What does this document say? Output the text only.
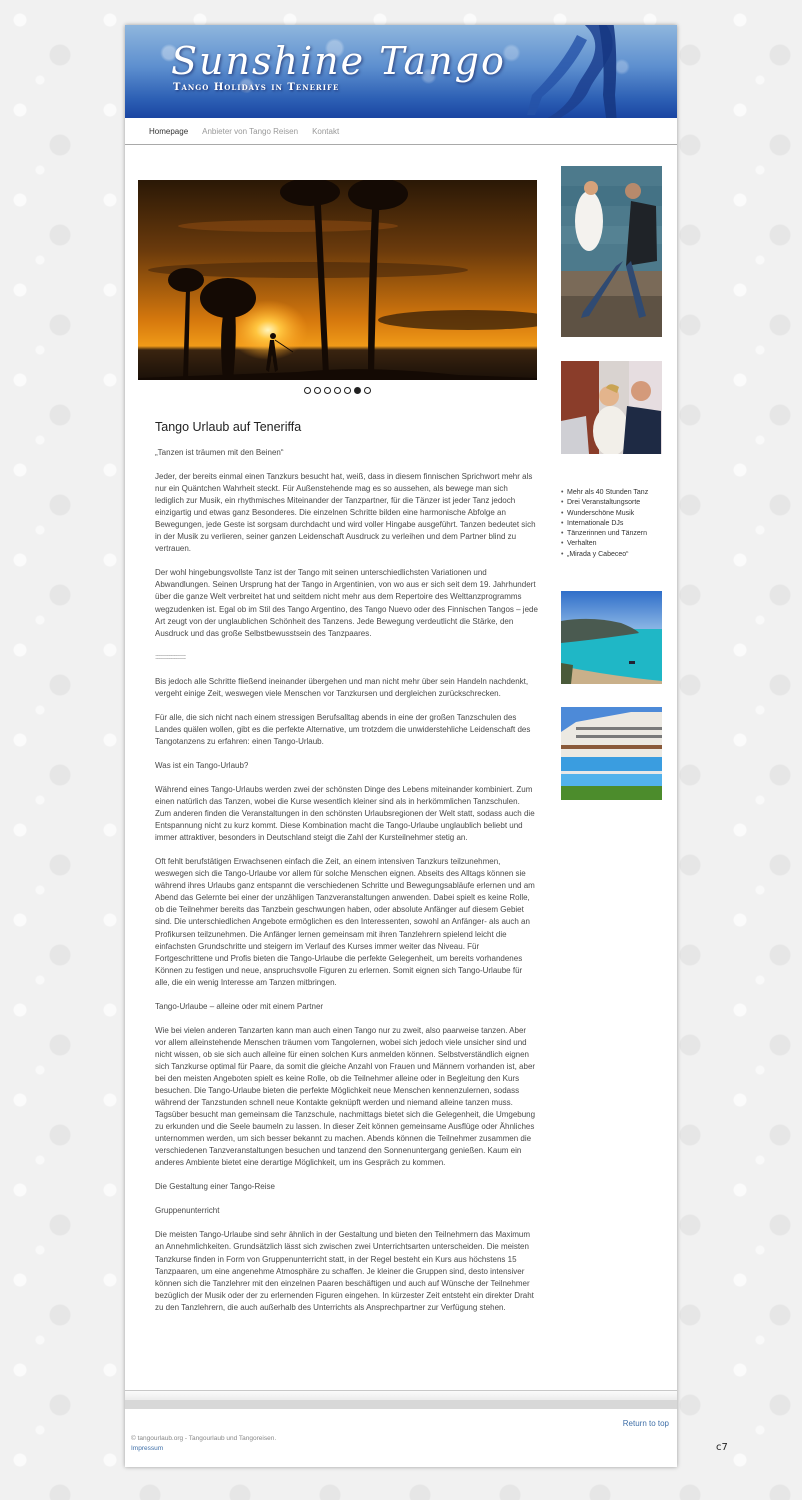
Sunshine Tango
Tango Holidays in Tenerife
Homepage Anbieter von Tango Reisen Kontakt
Tango Urlaub auf Teneriffa

„Tanzen ist träumen mit den Beinen“

Jeder, der bereits einmal einen Tanzkurs besucht hat, weiß, dass in diesem finnischen Sprichwort mehr als nur ein Quäntchen Wahrheit steckt. Für Außenstehende mag es so aussehen, als bewege man sich lediglich zur Musik, ein rhythmisches Miteinander der Tanzpartner, für die Tänzer ist jeder Tanz jedoch einzigartig und etwas ganz Besonderes. Die einzelnen Schritte bilden eine harmonische Abfolge an Bewegungen, jede Geste ist sorgsam durchdacht und wird voller Hingabe ausgeführt. Tanzen bedeutet sich in der Musik zu verlieren, seiner ganzen Leidenschaft Ausdruck zu verleihen und dem Partner blind zu vertrauen.

Der wohl hingebungsvollste Tanz ist der Tango mit seinen unterschiedlichsten Variationen und Abwandlungen. Seinen Ursprung hat der Tango in Argentinien, von wo aus er sich seit dem 19. Jahrhundert über die ganze Welt verbreitet hat und seitdem nicht mehr aus dem Repertoire des Welttanzprogramms wegzudenken ist. Egal ob im Stil des Tango Argentino, des Tango Nuevo oder des Finnischen Tangos – jede Art zeugt von der unglaublichen Schönheit des Tanzens. Jede Bewegung verdeutlicht die Stärke, den Ausdruck und das große Selbstbewusstsein des Tanzpaares.

::::::::::::::::::::::::::::::::

Bis jedoch alle Schritte fließend ineinander übergehen und man nicht mehr über sein Handeln nachdenkt, vergeht einige Zeit, weswegen viele Menschen vor Tanzkursen und dergleichen zurückschrecken.

Für alle, die sich nicht nach einem stressigen Berufsalltag abends in eine der großen Tanzschulen des Landes quälen wollen, gibt es die perfekte Alternative, um trotzdem die unwiderstehliche Leidenschaft des Tangotanzens zu erfahren: einen Tango-Urlaub.

Was ist ein Tango-Urlaub?

Während eines Tango-Urlaubs werden zwei der schönsten Dinge des Lebens miteinander kombiniert. Zum einen natürlich das Tanzen, wobei die Kurse wesentlich kleiner sind als in herkömmlichen Tanzschulen. Zum anderen finden die Veranstaltungen in den schönsten Urlaubsregionen der Welt statt, sodass auch die Entspannung nicht zu kurz kommt. Diese Kombination macht die Tango-Urlaube unglaublich beliebt und immer attraktiver, besonders in Deutschland steigt die Zahl der Kursteilnehmer stetig an.

Oft fehlt berufstätigen Erwachsenen einfach die Zeit, an einem intensiven Tanzkurs teilzunehmen, weswegen sich die Tango-Urlaube vor allem für solche Menschen eignen. Abseits des Alltags können sie während ihres Urlaubs ganz entspannt die verschiedenen Schritte und Bewegungsabläufe erlernen und am Abend das Gelernte bei einer der unzähligen Tanzveranstaltungen anwenden. Dabei spielt es keine Rolle, ob die Teilnehmer bereits das Tanzbein geschwungen haben, oder absolute Anfänger auf diesem Gebiet sind. Die unterschiedlichen Angebote ermöglichen es den Interessenten, sowohl an Anfänger- als auch an Profikursen teilzunehmen. Die Anfänger lernen gemeinsam mit ihren Tanzlehrern spielend leicht die einfachsten Grundschritte und steigern im Verlauf des Kurses immer weiter das Niveau. Für Fortgeschrittene und Profis bieten die Tango-Urlaube die perfekte Gelegenheit, um bereits vorhandenes Können zu festigen und neue, anspruchsvolle Figuren zu erlernen. Somit eignen sich Tango-Urlaube für alle, die ein wenig Interesse am Tanzen mitbringen.

Tango-Urlaube – alleine oder mit einem Partner

Wie bei vielen anderen Tanzarten kann man auch einen Tango nur zu zweit, also paarweise tanzen. Aber vor allem alleinstehende Menschen träumen vom Tangolernen, wobei sich jedoch viele unsicher sind und nicht wissen, ob sie sich auch alleine für einen solchen Kurs anmelden können. Selbstverständlich eignen sich Tanzkurse optimal für Paare, da somit die gleiche Anzahl von Frauen und Männern vorhanden ist, aber bei den meisten Angeboten spielt es keine Rolle, ob die Teilnehmer alleine oder in Begleitung den Kurs besuchen. Die Tango-Urlaube bieten die perfekte Möglichkeit neue Menschen kennenzulernen, sodass während der Tanzstunden schnell neue Kontakte geknüpft werden und niemand alleine tanzen muss. Tagsüber besucht man gemeinsam die Tanzschule, nachmittags bietet sich die Gelegenheit, die Umgebung zu erkunden und die Seele baumeln zu lassen. In dieser Zeit können gemeinsame Ausflüge oder Ähnliches unternommen werden, um sich besser bekannt zu machen. Abends können die Teilnehmer zusammen die verschiedenen Tanzveranstaltungen besuchen und tanzend den Sonnenuntergang genießen. Kaum ein anderes Ambiente bietet eine derartige Möglichkeit, um ins Gespräch zu kommen.

Die Gestaltung einer Tango-Reise

Gruppenunterricht

Die meisten Tango-Urlaube sind sehr ähnlich in der Gestaltung und bieten den Teilnehmern das Maximum an Annehmlichkeiten. Grundsätzlich lässt sich zwischen zwei Unterrichtsarten unterscheiden. Die meisten Tanzkurse finden in Form von Gruppenunterricht statt, in der Regel besteht ein Kurs aus höchstens 15 Tanzpaaren, um eine angenehme Atmosphäre zu schaffen. Je kleiner die Gruppen sind, desto intensiver können sich die Tanzlehrer mit den einzelnen Paaren beschäftigen und auch auf Wünsche der Teilnehmer bezüglich der Musik oder der zu erlernenden Figuren eingehen. In kürzester Zeit entsteht ein direkter Draht zu den Tanzlehrern, die auch außerhalb des Unterrichts als Ansprechpartner zur Verfügung stehen.

• Mehr als 40 Stunden Tanz
• Drei Veranstaltungsorte
• Wunderschöne Musik
• Internationale DJs
• Tänzerinnen und Tänzern
• Verhalten
• „Mirada y Cabeceo“
Return to top
© tangourlaub.org - Tangourlaub und Tangoreisen.
Impressum	c7
